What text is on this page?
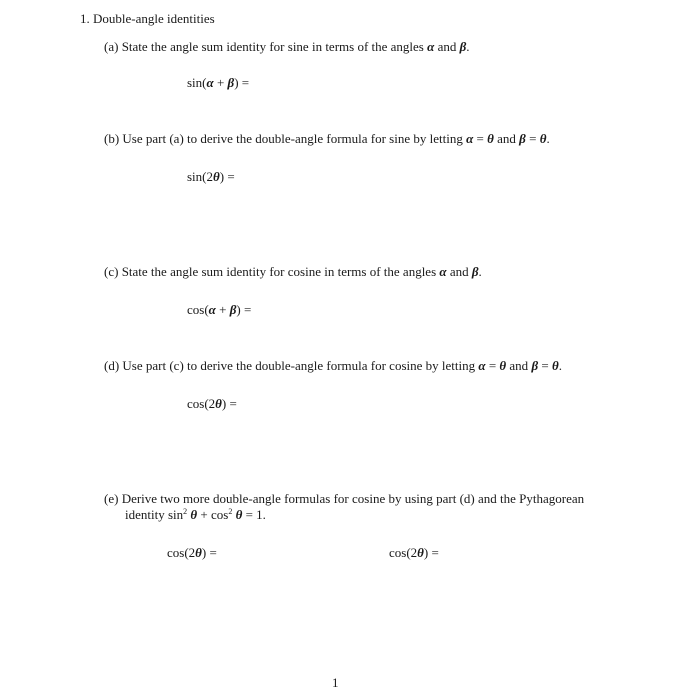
1. Double-angle identities
(a) State the angle sum identity for sine in terms of the angles α and β.
sin(α + β) =
(b) Use part (a) to derive the double-angle formula for sine by letting α = θ and β = θ.
sin(2θ) =
(c) State the angle sum identity for cosine in terms of the angles α and β.
cos(α + β) =
(d) Use part (c) to derive the double-angle formula for cosine by letting α = θ and β = θ.
cos(2θ) =
(e) Derive two more double-angle formulas for cosine by using part (d) and the Pythagorean
identity $\sin^2 \theta + \cos^2 \theta = 1$.
cos(2θ) =	cos(2θ) =
1
